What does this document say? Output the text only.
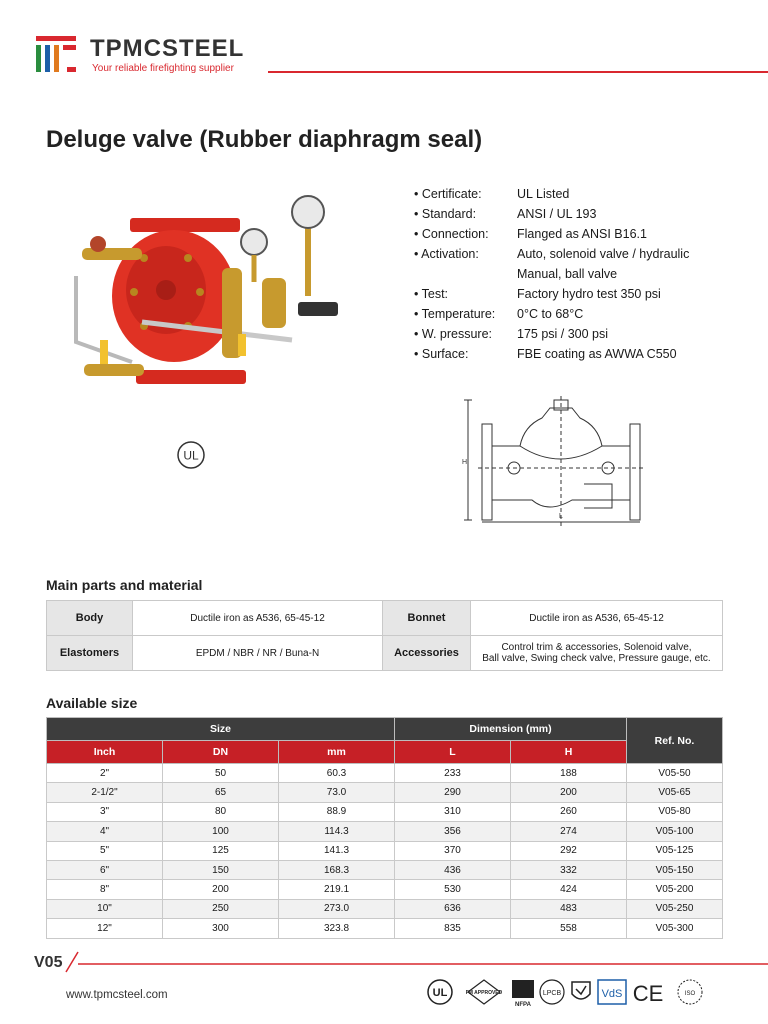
TPMCSTEEL
Your reliable firefighting supplier
Deluge valve (Rubber diaphragm seal)
UL
• Certificate:	UL Listed
• Standard:	ANSI / UL 193
• Connection:	Flanged as ANSI B16.1
• Activation:	Auto, solenoid valve / hydraulic
Manual, ball valve
• Test:	Factory hydro test 350 psi
• Temperature:	0°C to 68°C
• W. pressure:	175 psi / 300 psi
• Surface:	FBE coating as AWWA C550
H
L
Main parts and material
Body	Ductile iron as A536, 65-45-12	Bonnet	Ductile iron as A536, 65-45-12
Elastomers	EPDM / NBR / NR / Buna-N	Accessories	Control trim & accessories, Solenoid valve,
Ball valve, Swing check valve, Pressure gauge, etc.
Available size
Size			Dimension (mm)		Ref. No.
Inch	DN	mm	L	H	
2"	50	60.3	233	188	V05-50
2-1/2"	65	73.0	290	200	V05-65
3"	80	88.9	310	260	V05-80
4"	100	114.3	356	274	V05-100
5"	125	141.3	370	292	V05-125
6"	150	168.3	436	332	V05-150
8"	200	219.1	530	424	V05-200
10"	250	273.0	636	483	V05-250
12"	300	323.8	835	558	V05-300
V05
www.tpmcsteel.com	UL	FM APPROVED
NFPA
LPCB	VdS CE	ISO
